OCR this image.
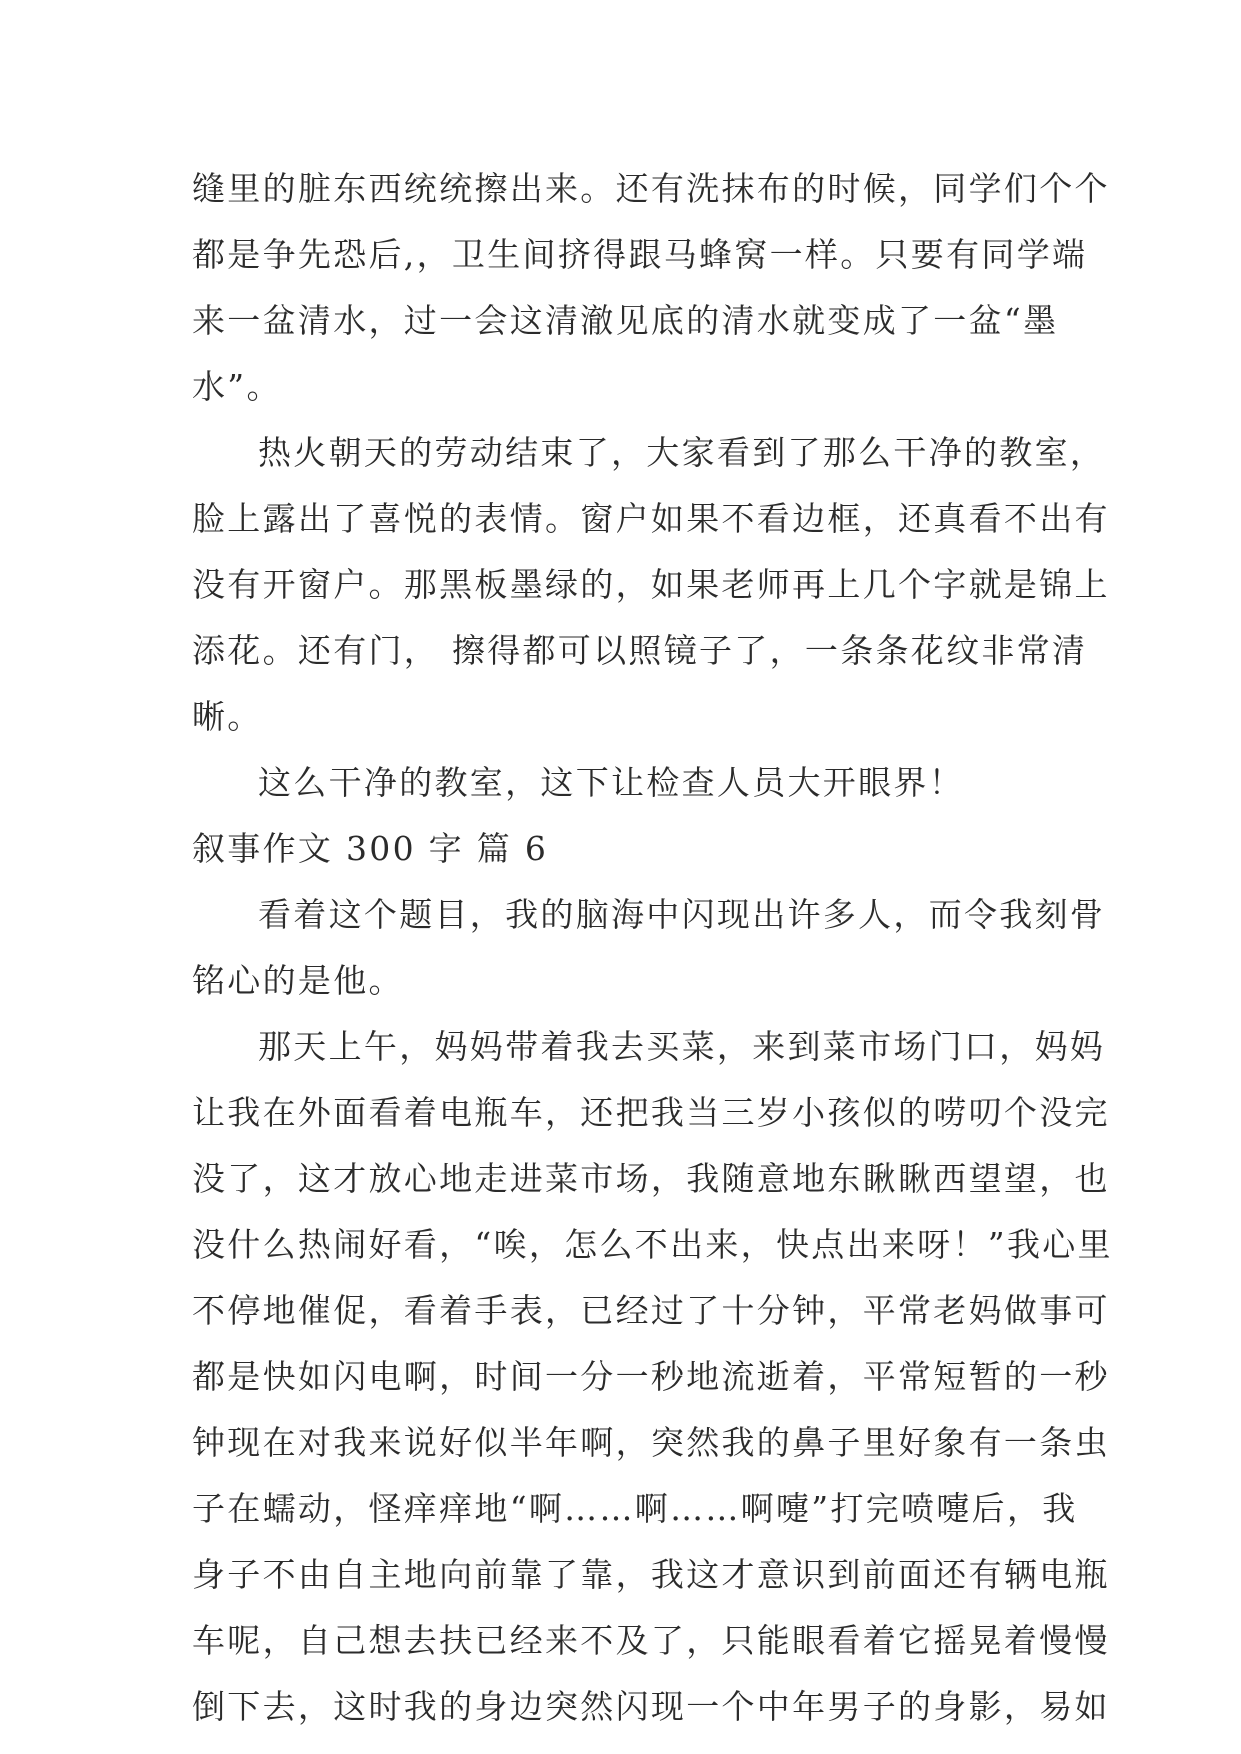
缝里的脏东西统统擦出来。还有洗抹布的时候，同学们个个
都是争先恐后,，卫生间挤得跟马蜂窝一样。只要有同学端
来一盆清水，过一会这清澈见底的清水就变成了一盆“墨
水”。
热火朝天的劳动结束了，大家看到了那么干净的教室，
脸上露出了喜悦的表情。窗户如果不看边框，还真看不出有
没有开窗户。那黑板墨绿的，如果老师再上几个字就是锦上
添花。还有门， 擦得都可以照镜子了，一条条花纹非常清
晰。
这么干净的教室，这下让检查人员大开眼界！
叙事作文 300 字 篇 6
看着这个题目，我的脑海中闪现出许多人，而令我刻骨
铭心的是他。
那天上午，妈妈带着我去买菜，来到菜市场门口，妈妈
让我在外面看着电瓶车，还把我当三岁小孩似的唠叨个没完
没了，这才放心地走进菜市场，我随意地东瞅瞅西望望，也
没什么热闹好看，“唉，怎么不出来，快点出来呀！”我心里
不停地催促，看着手表，已经过了十分钟，平常老妈做事可
都是快如闪电啊，时间一分一秒地流逝着，平常短暂的一秒
钟现在对我来说好似半年啊，突然我的鼻子里好象有一条虫
子在蠕动，怪痒痒地“啊……啊……啊嚏”打完喷嚏后，我
身子不由自主地向前靠了靠，我这才意识到前面还有辆电瓶
车呢，自己想去扶已经来不及了，只能眼看着它摇晃着慢慢
倒下去，这时我的身边突然闪现一个中年男子的身影，易如
